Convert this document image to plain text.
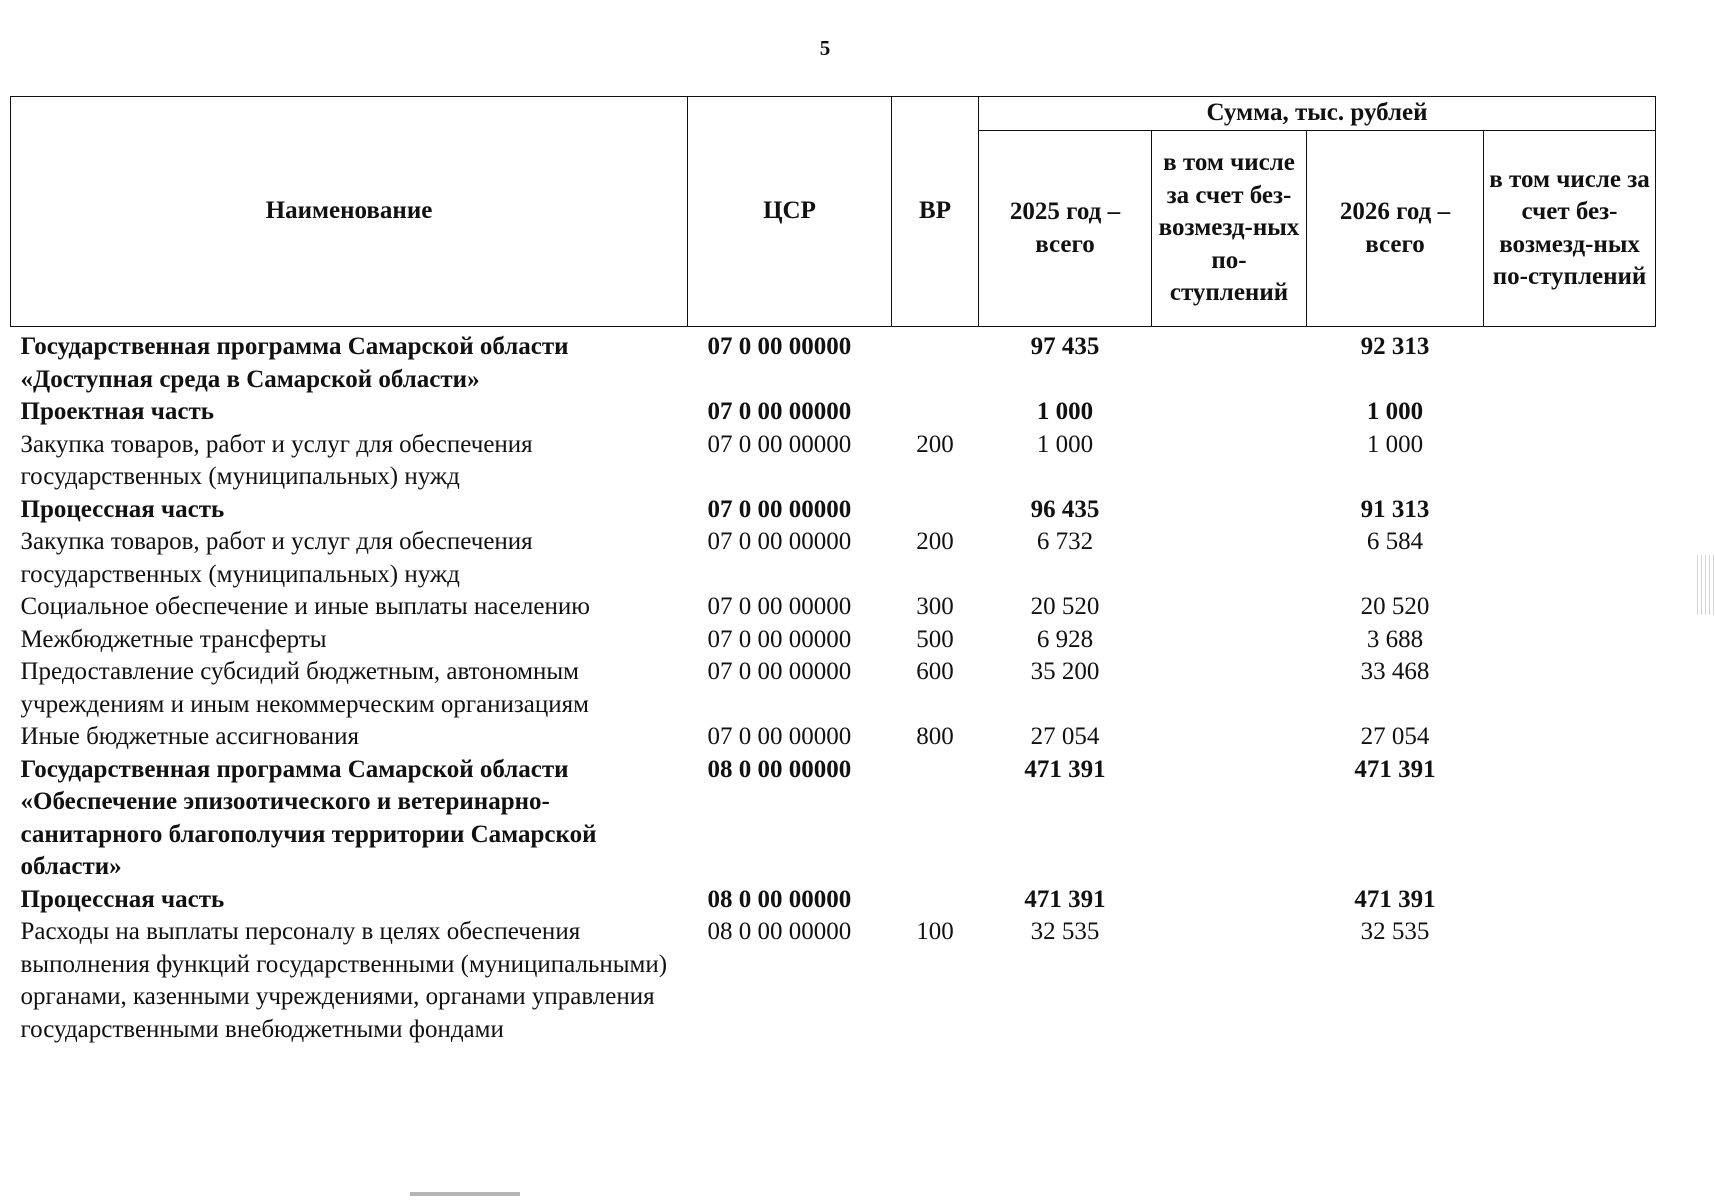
5
Наименование	ЦСР	ВР	Сумма, тыс. рублей			
			2025 год – всего	в том числе за счет без-возмезд-ных по-ступлений	2026 год – всего	в том числе за счет без-возмезд-ных по-ступлений

Государственная программа Самарской области «Доступная среда в Самарской области»	07 0 00 00000		97 435		92 313	
Проектная часть	07 0 00 00000		1 000		1 000	
Закупка товаров, работ и услуг для обеспечения государственных (муниципальных) нужд	07 0 00 00000	200	1 000		1 000	
Процессная часть	07 0 00 00000		96 435		91 313	
Закупка товаров, работ и услуг для обеспечения государственных (муниципальных) нужд	07 0 00 00000	200	6 732		6 584	
Социальное обеспечение и иные выплаты населению	07 0 00 00000	300	20 520		20 520	
Межбюджетные трансферты	07 0 00 00000	500	6 928		3 688	
Предоставление субсидий бюджетным, автономным учреждениям и иным некоммерческим организациям	07 0 00 00000	600	35 200		33 468	
Иные бюджетные ассигнования	07 0 00 00000	800	27 054		27 054	
Государственная программа Самарской области «Обеспечение эпизоотического и ветеринарно-санитарного благополучия территории Самарской области»	08 0 00 00000		471 391		471 391	
Процессная часть	08 0 00 00000		471 391		471 391	
Расходы на выплаты персоналу в целях обеспечения выполнения функций государственными (муниципальными) органами, казенными учреждениями, органами управления государственными внебюджетными фондами	08 0 00 00000	100	32 535		32 535	
